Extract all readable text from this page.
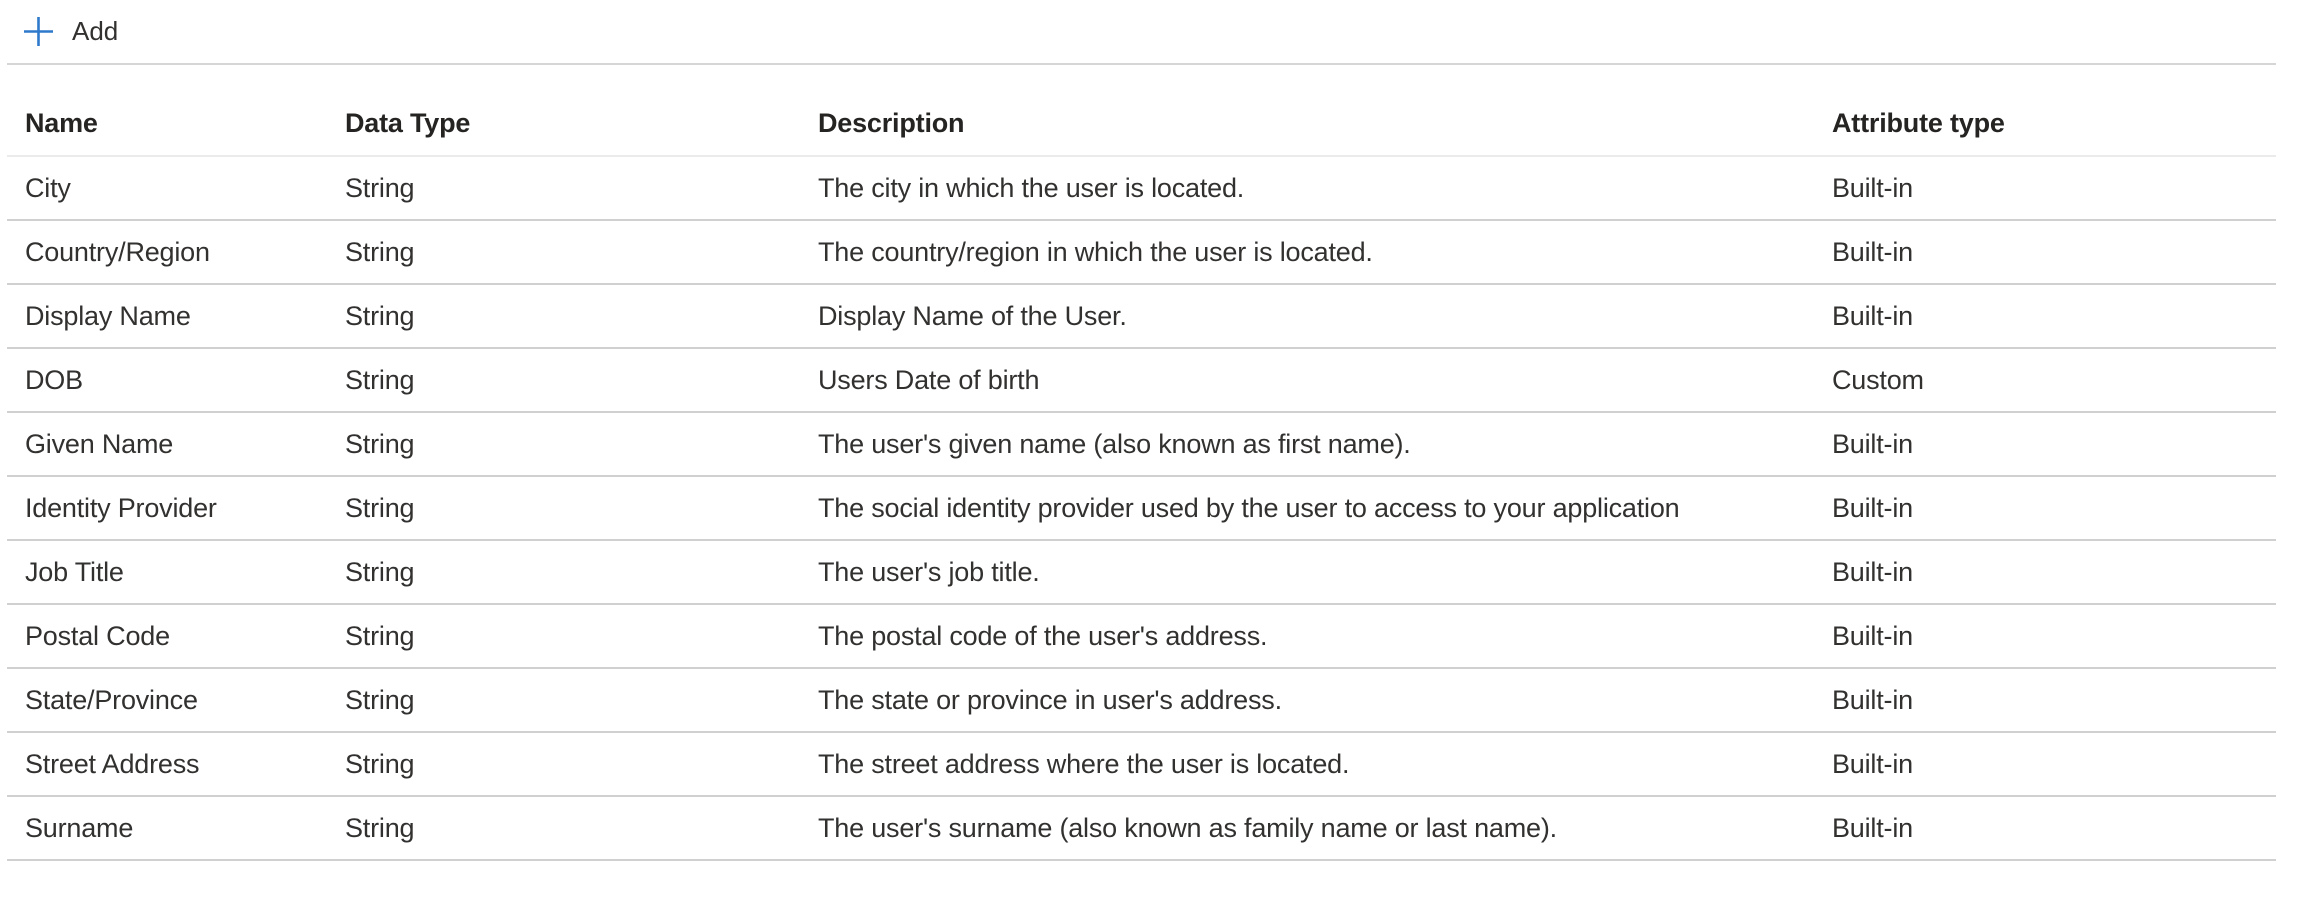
Add
Name	Data Type	Description	Attribute type
City	String	The city in which the user is located.	Built-in
Country/Region	String	The country/region in which the user is located.	Built-in
Display Name	String	Display Name of the User.	Built-in
DOB	String	Users Date of birth	Custom
Given Name	String	The user's given name (also known as first name).	Built-in
Identity Provider	String	The social identity provider used by the user to access to your application	Built-in
Job Title	String	The user's job title.	Built-in
Postal Code	String	The postal code of the user's address.	Built-in
State/Province	String	The state or province in user's address.	Built-in
Street Address	String	The street address where the user is located.	Built-in
Surname	String	The user's surname (also known as family name or last name).	Built-in
